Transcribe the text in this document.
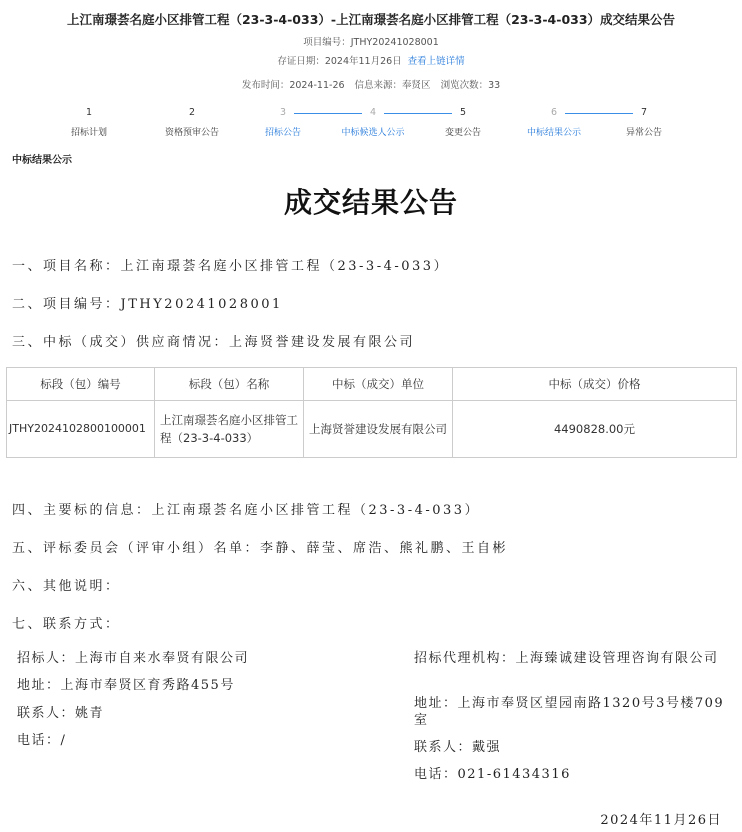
上江南璟荟名庭小区排管工程（23-3-4-033）-上江南璟荟名庭小区排管工程（23-3-4-033）成交结果公告
项目编号：JTHY20241028001
存证日期：2024年11月26日 查看上链详情
发布时间：2024-11-26 信息来源：奉贤区 浏览次数：33
1
招标计划
2
资格预审公告
3
招标公告
4
中标候选人公示
5
变更公告
6
中标结果公示
7
异常公告
中标结果公示
成交结果公告
一、项目名称：上江南璟荟名庭小区排管工程（23-3-4-033）
二、项目编号：JTHY20241028001
三、中标（成交）供应商情况：上海贤誉建设发展有限公司
标段（包）编号	标段（包）名称	中标（成交）单位	中标（成交）价格
JTHY2024102800100001	上江南璟荟名庭小区排管工程（23-3-4-033）	上海贤誉建设发展有限公司	4490828.00元
四、主要标的信息：上江南璟荟名庭小区排管工程（23-3-4-033）
五、评标委员会（评审小组）名单：李静、薛莹、席浩、熊礼鹏、王自彬
六、其他说明：
七、联系方式：
招标人：上海市自来水奉贤有限公司
地址：上海市奉贤区育秀路455号
联系人：姚青
电话：/
招标代理机构：上海臻诚建设管理咨询有限公司
地址：上海市奉贤区望园南路1320号3号楼709室
联系人：戴强
电话：021-61434316
2024年11月26日
